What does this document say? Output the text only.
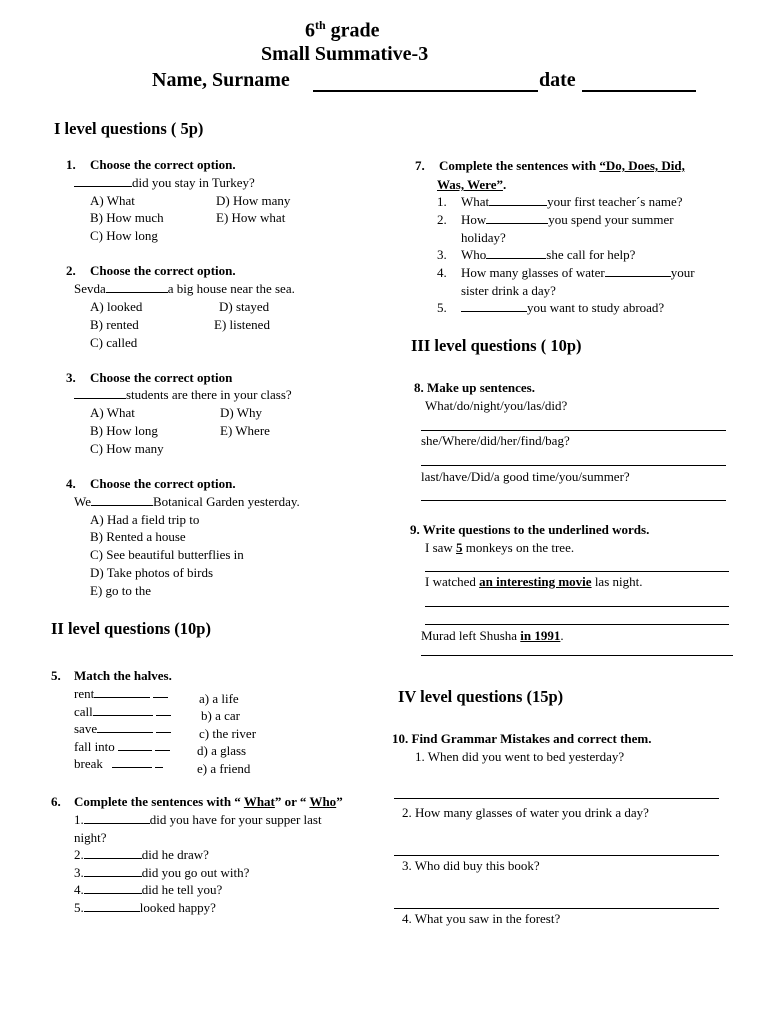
6th grade
Small Summative-3
Name, Surname	date
I level questions ( 5p)
1. Choose the correct option.
did you stay in Turkey?
A) What
B) How much
C) How long
D) How many
E) How what
2. Choose the correct option.
Sevda	a big house near the sea.
A) looked
B) rented
C) called
D) stayed
E) listened
3. Choose the correct option
students are there in your class?
A) What
B) How long
C) How many
D) Why
E) Where
4. Choose the correct option.
We	Botanical Garden yesterday.
A) Had a field trip to
B) Rented a house
C) See beautiful butterflies in
D) Take photos of birds
E) go to the
II level questions (10p)
5. Match the halves.
rent
call
save
fall into
break
a) a life
b) a car
c) the river
d) a glass
e) a friend
6. Complete the sentences with “ What” or “ Who”
1.	did you have for your supper last
night?
2.	did he draw?
3.	did you go out with?
4.	did he tell you?
5.	looked happy?
7. Complete the sentences with “Do, Does, Did,
Was, Were”.
1. What	your first teacher´s name?
2. How	you spend your summer
holiday?
3. Who	she call for help?
4. How many glasses of water	your
sister drink a day?
5.	you want to study abroad?
III level questions ( 10p)
8. Make up sentences.
What/do/night/you/las/did?
she/Where/did/her/find/bag?
last/have/Did/a good time/you/summer?
9. Write questions to the underlined words.
I saw 5 monkeys on the tree.
I watched an interesting movie las night.
Murad left Shusha in 1991.
IV level questions (15p)
10. Find Grammar Mistakes and correct them.
1. When did you went to bed yesterday?
2. How many glasses of water you drink a day?
3. Who did buy this book?
4. What you saw in the forest?
